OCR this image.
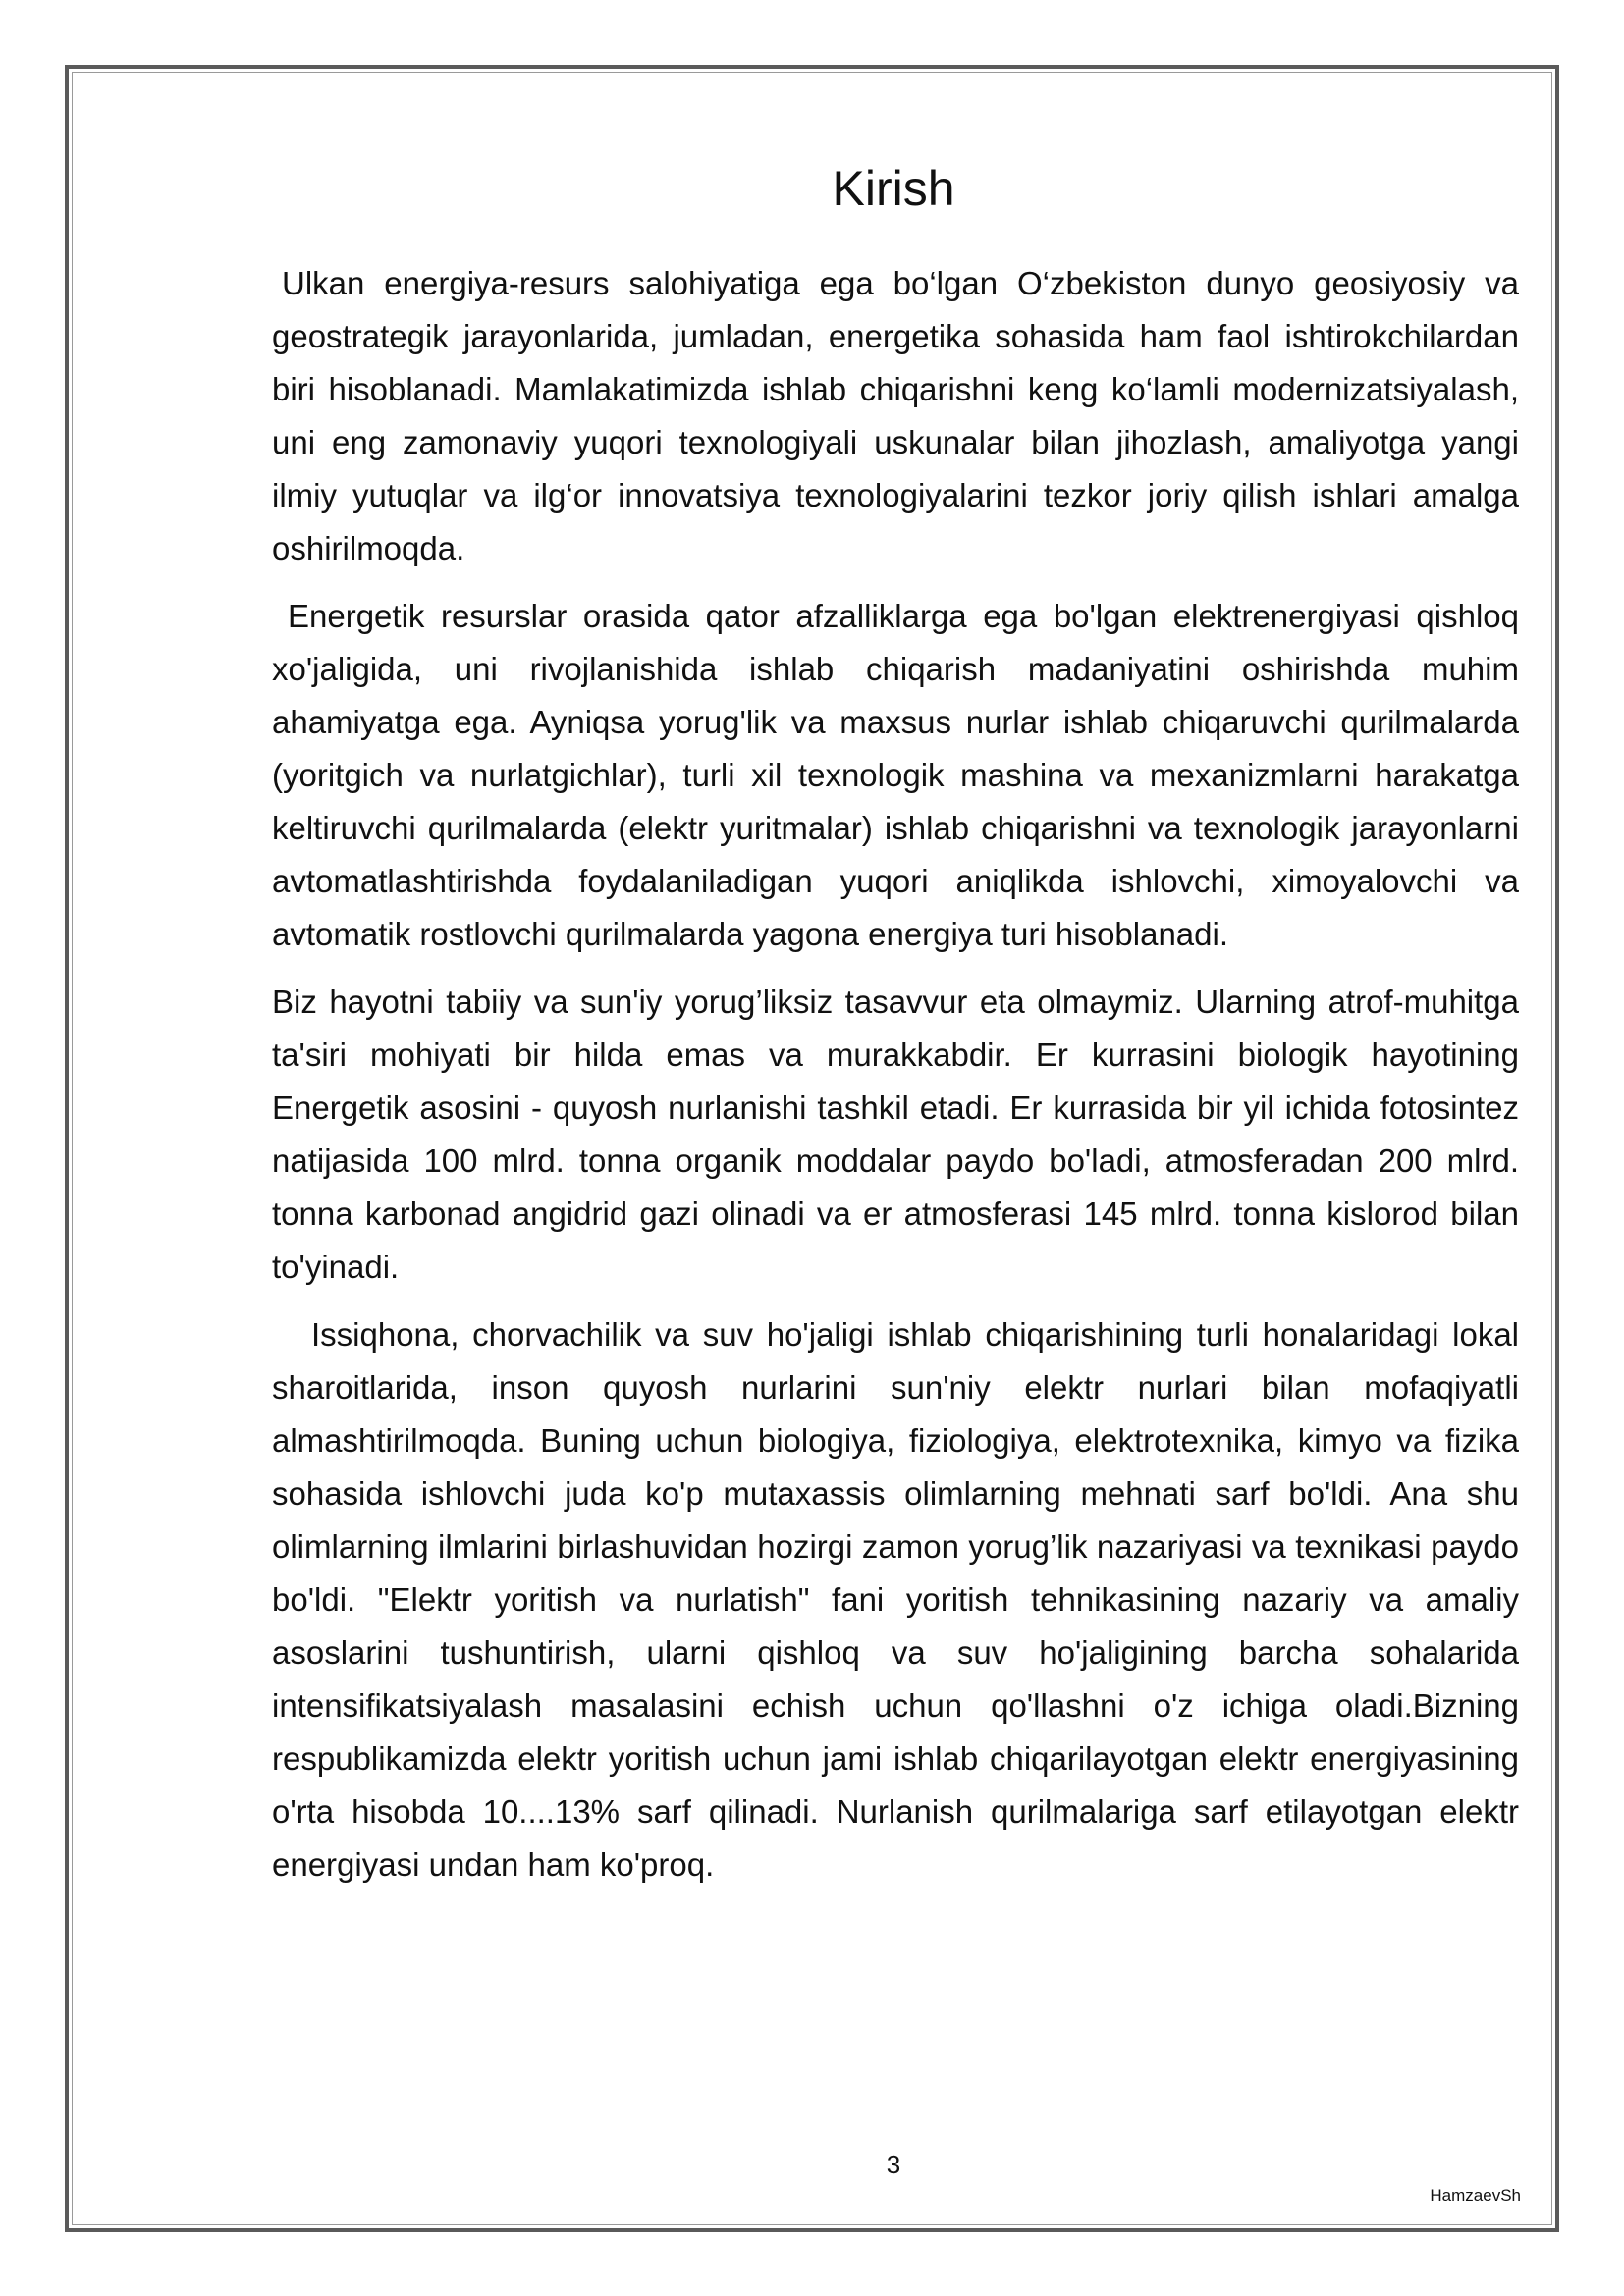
Kirish

Ulkan energiya-resurs salohiyatiga ega bo‘lgan O‘zbekiston dunyo geosiyosiy va geostrategik jarayonlarida, jumladan, energetika sohasida ham faol ishtirokchilardan biri hisoblanadi. Mamlakatimizda ishlab chiqarishni keng ko‘lamli modernizatsiyalash, uni eng zamonaviy yuqori texnologiyali uskunalar bilan jihozlash, amaliyotga yangi ilmiy yutuqlar va ilg‘or innovatsiya texnologiyalarini tezkor joriy qilish ishlari amalga oshirilmoqda.

Energetik resurslar orasida qator afzalliklarga ega bo'lgan elektrenergiyasi qishloq xo'jaligida, uni rivojlanishida ishlab chiqarish madaniyatini oshirishda muhim ahamiyatga ega. Ayniqsa yorug'lik va maxsus nurlar ishlab chiqaruvchi qurilmalarda (yoritgich va nurlatgichlar), turli xil texnologik mashina va mexanizmlarni harakatga keltiruvchi qurilmalarda (elektr yuritmalar) ishlab chiqarishni va texnologik jarayonlarni avtomatlashtirishda foydalaniladigan yuqori aniqlikda ishlovchi, ximoyalovchi va avtomatik rostlovchi qurilmalarda yagona energiya turi hisoblanadi.

Biz hayotni tabiiy va sun'iy yorug’liksiz tasavvur eta olmaymiz. Ularning atrof-muhitga ta'siri mohiyati bir hilda emas va murakkabdir. Er kurrasini biologik hayotining Energetik asosini - quyosh nurlanishi tashkil etadi. Er kurrasida bir yil ichida fotosintez natijasida 100 mlrd. tonna organik moddalar paydo bo'ladi, atmosferadan 200 mlrd. tonna karbonad angidrid gazi olinadi va er atmosferasi 145 mlrd. tonna kislorod bilan to'yinadi.

Issiqhona, chorvachilik va suv ho'jaligi ishlab chiqarishining turli honalaridagi lokal sharoitlarida, inson quyosh nurlarini sun'niy elektr nurlari bilan mofaqiyatli almashtirilmoqda. Buning uchun biologiya, fiziologiya, elektrotexnika, kimyo va fizika sohasida ishlovchi juda ko'p mutaxassis olimlarning mehnati sarf bo'ldi. Ana shu olimlarning ilmlarini birlashuvidan hozirgi zamon yorug’lik nazariyasi va texnikasi paydo bo'ldi. "Elektr yoritish va nurlatish" fani yoritish tehnikasining nazariy va amaliy asoslarini tushuntirish, ularni qishloq va suv ho'jaligining barcha sohalarida intensifikatsiyalash masalasini echish uchun qo'llashni o'z ichiga oladi.Bizning respublikamizda elektr yoritish uchun jami ishlab chiqarilayotgan elektr energiyasining o'rta hisobda 10....13% sarf qilinadi. Nurlanish qurilmalariga sarf etilayotgan elektr energiyasi undan ham ko'proq.

3
HamzaevSh
